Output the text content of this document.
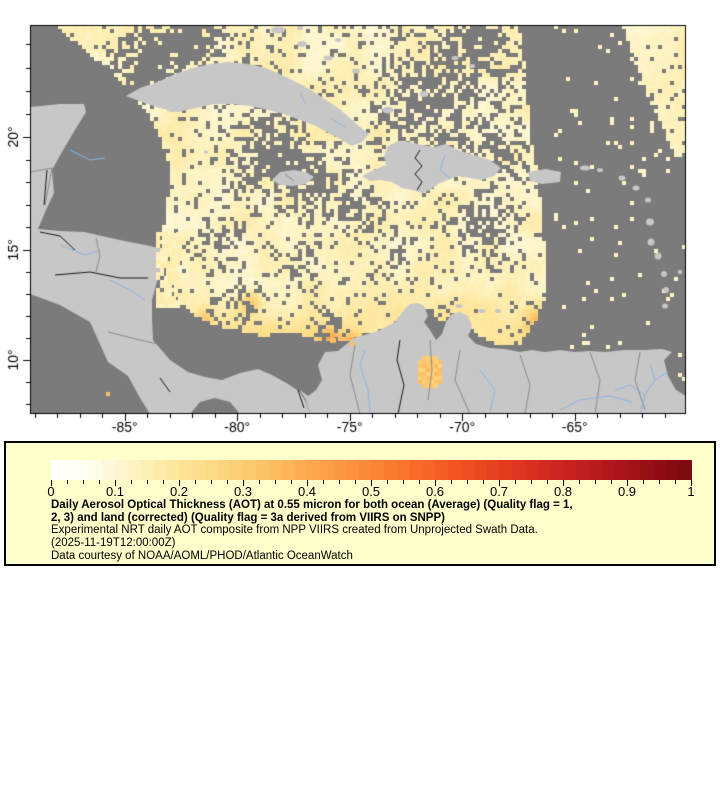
0	0.1	0.2	0.3	0.4	0.5	0.6	0.7	0.8	0.9	1
Daily Aerosol Optical Thickness (AOT) at 0.55 micron for both ocean (Average) (Quality flag = 1,
2, 3) and land (corrected) (Quality flag = 3a derived from VIIRS on SNPP)
Experimental NRT daily AOT composite from NPP VIIRS created from Unprojected Swath Data.
(2025-11-19T12:00:00Z)
Data courtesy of NOAA/AOML/PHOD/Atlantic OceanWatch
